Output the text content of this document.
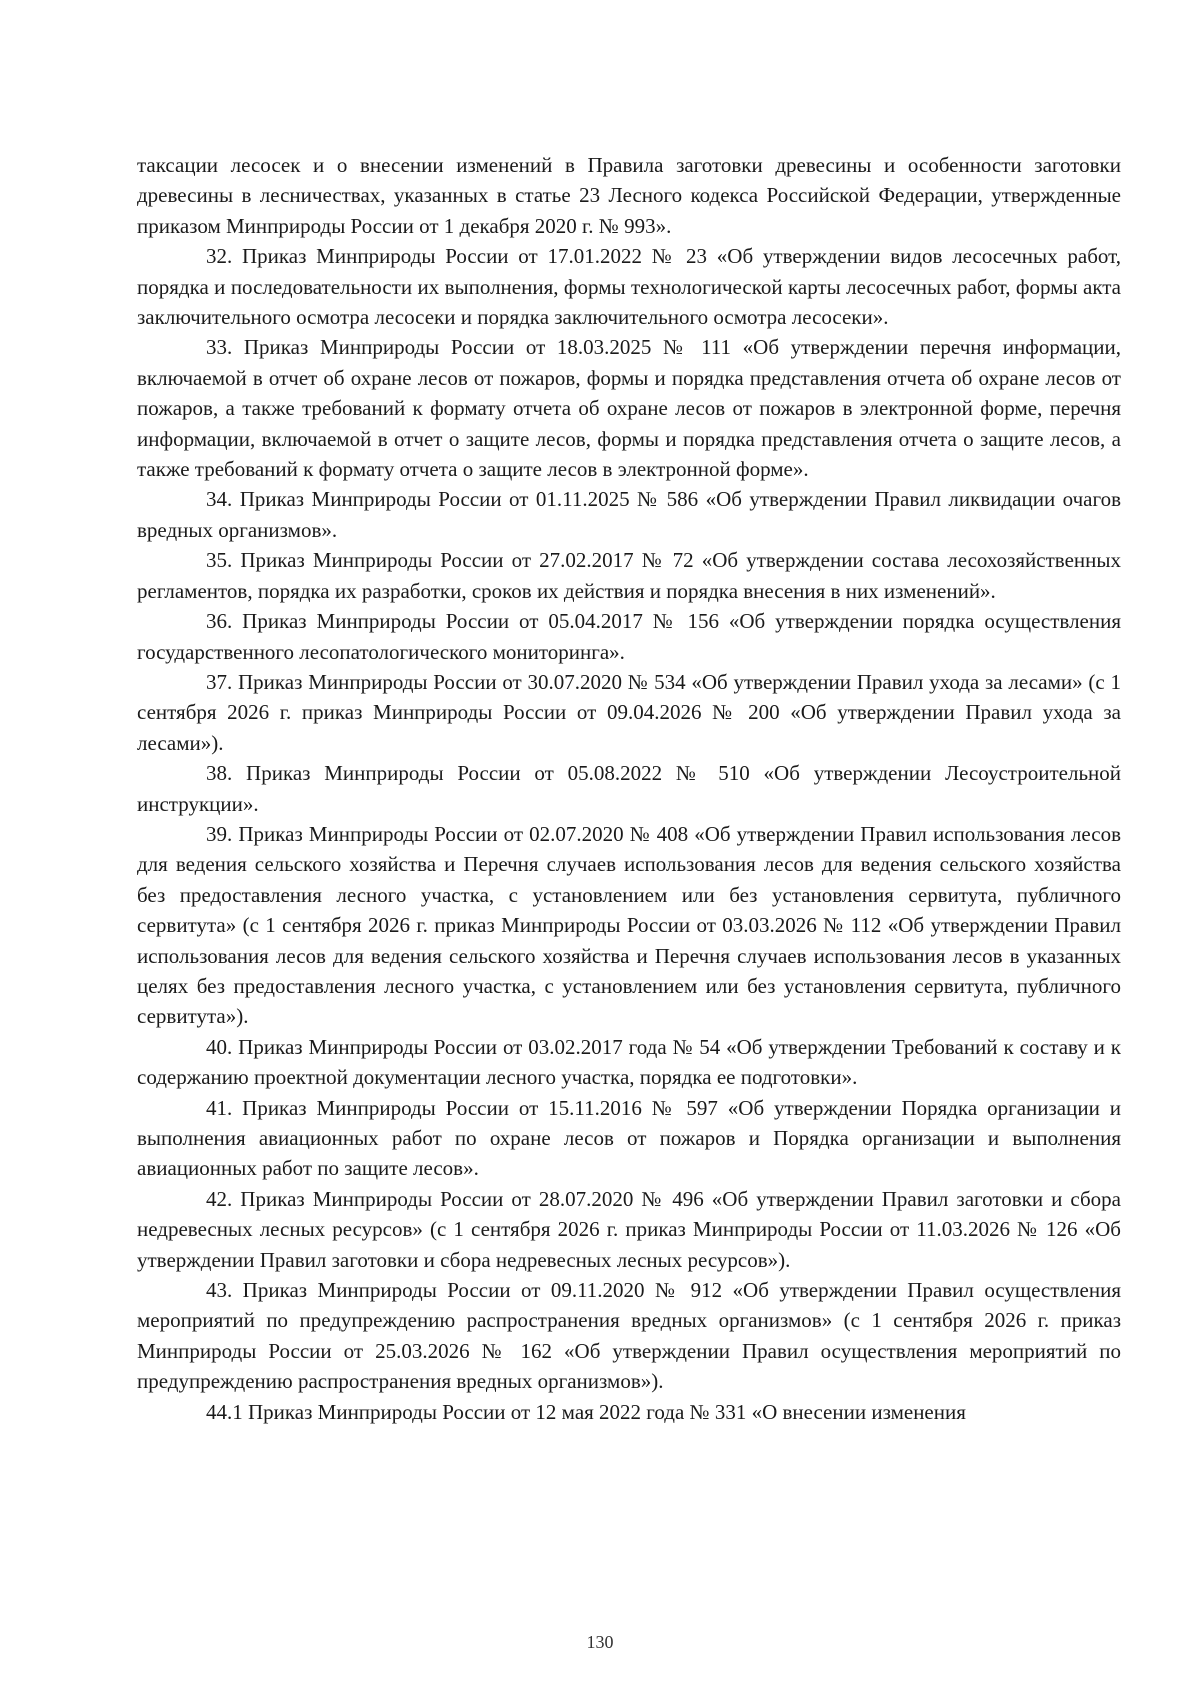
таксации лесосек и о внесении изменений в Правила заготовки древесины и особенности заготовки древесины в лесничествах, указанных в статье 23 Лесного кодекса Российской Федерации, утвержденные приказом Минприроды России от 1 декабря 2020 г. № 993».

32. Приказ Минприроды России от 17.01.2022 № 23 «Об утверждении видов лесосечных работ, порядка и последовательности их выполнения, формы технологической карты лесосечных работ, формы акта заключительного осмотра лесосеки и порядка заключительного осмотра лесосеки».

33. Приказ Минприроды России от 18.03.2025 № 111 «Об утверждении перечня информации, включаемой в отчет об охране лесов от пожаров, формы и порядка представления отчета об охране лесов от пожаров, а также требований к формату отчета об охране лесов от пожаров в электронной форме, перечня информации, включаемой в отчет о защите лесов, формы и порядка представления отчета о защите лесов, а также требований к формату отчета о защите лесов в электронной форме».

34. Приказ Минприроды России от 01.11.2025 № 586 «Об утверждении Правил ликвидации очагов вредных организмов».

35. Приказ Минприроды России от 27.02.2017 № 72 «Об утверждении состава лесохозяйственных регламентов, порядка их разработки, сроков их действия и порядка внесения в них изменений».

36. Приказ Минприроды России от 05.04.2017 № 156 «Об утверждении порядка осуществления государственного лесопатологического мониторинга».

37. Приказ Минприроды России от 30.07.2020 № 534 «Об утверждении Правил ухода за лесами» (с 1 сентября 2026 г. приказ Минприроды России от 09.04.2026 № 200 «Об утверждении Правил ухода за лесами»).

38. Приказ Минприроды России от 05.08.2022 № 510 «Об утверждении Лесоустроительной инструкции».

39. Приказ Минприроды России от 02.07.2020 № 408 «Об утверждении Правил использования лесов для ведения сельского хозяйства и Перечня случаев использования лесов для ведения сельского хозяйства без предоставления лесного участка, с установлением или без установления сервитута, публичного сервитута» (с 1 сентября 2026 г. приказ Минприроды России от 03.03.2026 № 112 «Об утверждении Правил использования лесов для ведения сельского хозяйства и Перечня случаев использования лесов в указанных целях без предоставления лесного участка, с установлением или без установления сервитута, публичного сервитута»).

40. Приказ Минприроды России от 03.02.2017 года № 54 «Об утверждении Требований к составу и к содержанию проектной документации лесного участка, порядка ее подготовки».

41. Приказ Минприроды России от 15.11.2016 № 597 «Об утверждении Порядка организации и выполнения авиационных работ по охране лесов от пожаров и Порядка организации и выполнения авиационных работ по защите лесов».

42. Приказ Минприроды России от 28.07.2020 № 496 «Об утверждении Правил заготовки и сбора недревесных лесных ресурсов» (с 1 сентября 2026 г. приказ Минприроды России от 11.03.2026 № 126 «Об утверждении Правил заготовки и сбора недревесных лесных ресурсов»).

43. Приказ Минприроды России от 09.11.2020 № 912 «Об утверждении Правил осуществления мероприятий по предупреждению распространения вредных организмов» (с 1 сентября 2026 г. приказ Минприроды России от 25.03.2026 № 162 «Об утверждении Правил осуществления мероприятий по предупреждению распространения вредных организмов»).

44.1 Приказ Минприроды России от 12 мая 2022 года № 331 «О внесении изменения

130
